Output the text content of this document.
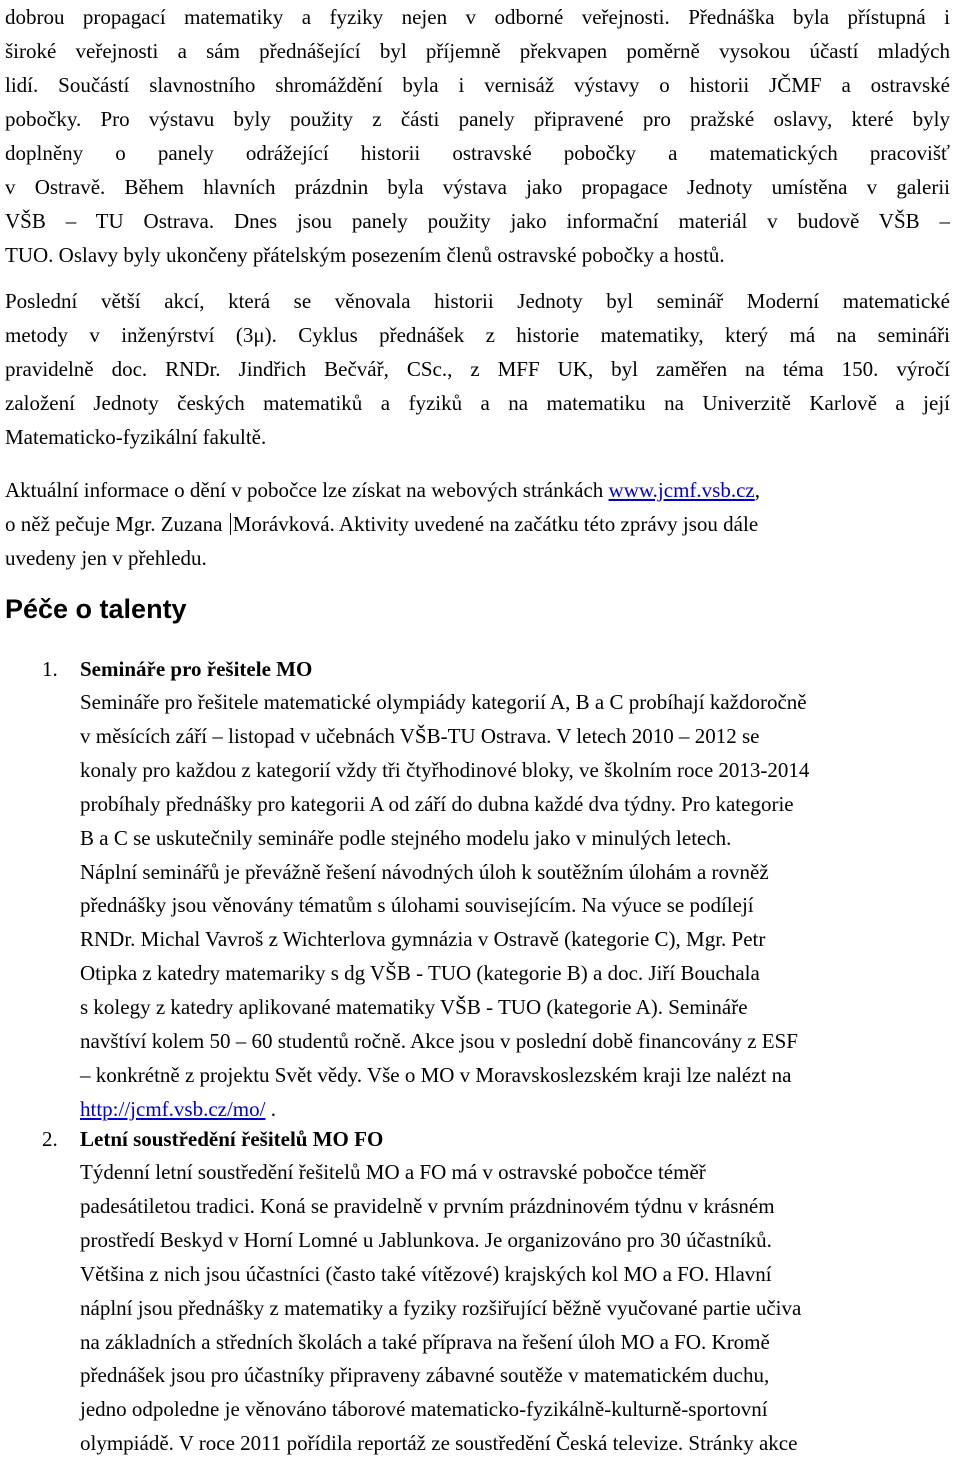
dobrou propagací matematiky a fyziky nejen v odborné veřejnosti. Přednáška byla přístupná i
široké veřejnosti a sám přednášející byl příjemně překvapen poměrně vysokou účastí mladých
lidí. Součástí slavnostního shromáždění byla i vernisáž výstavy o historii JČMF a ostravské
pobočky. Pro výstavu byly použity z části panely připravené pro pražské oslavy, které byly
doplněny o panely odrážející historii ostravské pobočky a matematických pracovišť
v Ostravě. Během hlavních prázdnin byla výstava jako propagace Jednoty umístěna v galerii
VŠB – TU Ostrava. Dnes jsou panely použity jako informační materiál v budově VŠB –
TUO. Oslavy byly ukončeny přátelským posezením členů ostravské pobočky a hostů.
Poslední větší akcí, která se věnovala historii Jednoty byl seminář Moderní matematické
metody v inženýrství (3μ). Cyklus přednášek z historie matematiky, který má na semináři
pravidelně doc. RNDr. Jindřich Bečvář, CSc., z MFF UK, byl zaměřen na téma 150. výročí
založení Jednoty českých matematiků a fyziků a na matematiku na Univerzitě Karlově a její
Matematicko-fyzikální fakultě.
Aktuální informace o dění v pobočce lze získat na webových stránkách www.jcmf.vsb.cz,
o něž pečuje Mgr. Zuzana Morávková. Aktivity uvedené na začátku této zprávy jsou dále
uvedeny jen v přehledu.
Péče o talenty
1. Semináře pro řešitele MO
Semináře pro řešitele matematické olympiády kategorií A, B a C probíhají každoročně
v měsících září – listopad v učebnách VŠB-TU Ostrava. V letech 2010 – 2012 se
konaly pro každou z kategorií vždy tři čtyřhodinové bloky, ve školním roce 2013-2014
probíhaly přednášky pro kategorii A od září do dubna každé dva týdny. Pro kategorie
B a C se uskutečnily semináře podle stejného modelu jako v minulých letech.
Náplní seminářů je převážně řešení návodných úloh k soutěžním úlohám a rovněž
přednášky jsou věnovány tématům s úlohami souvisejícím. Na výuce se podílejí
RNDr. Michal Vavroš z Wichterlova gymnázia v Ostravě (kategorie C), Mgr. Petr
Otipka z katedry matemariky s dg VŠB - TUO (kategorie B) a doc. Jiří Bouchala
s kolegy z katedry aplikované matematiky VŠB - TUO (kategorie A). Semináře
navštíví kolem 50 – 60 studentů ročně. Akce jsou v poslední době financovány z ESF
– konkrétně z projektu Svět vědy. Vše o MO v Moravskoslezském kraji lze nalézt na
http://jcmf.vsb.cz/mo/ .
2. Letní soustředění řešitelů MO FO
Týdenní letní soustředění řešitelů MO a FO má v ostravské pobočce téměř
padesátiletou tradici. Koná se pravidelně v prvním prázdninovém týdnu v krásném
prostředí Beskyd v Horní Lomné u Jablunkova. Je organizováno pro 30 účastníků.
Většina z nich jsou účastníci (často také vítězové) krajských kol MO a FO. Hlavní
náplní jsou přednášky z matematiky a fyziky rozšiřující běžně vyučované partie učiva
na základních a středních školách a také příprava na řešení úloh MO a FO. Kromě
přednášek jsou pro účastníky připraveny zábavné soutěže v matematickém duchu,
jedno odpoledne je věnováno táborové matematicko-fyzikálně-kulturně-sportovní
olympiádě. V roce 2011 pořídila reportáž ze soustředění Česká televize. Stránky akce
